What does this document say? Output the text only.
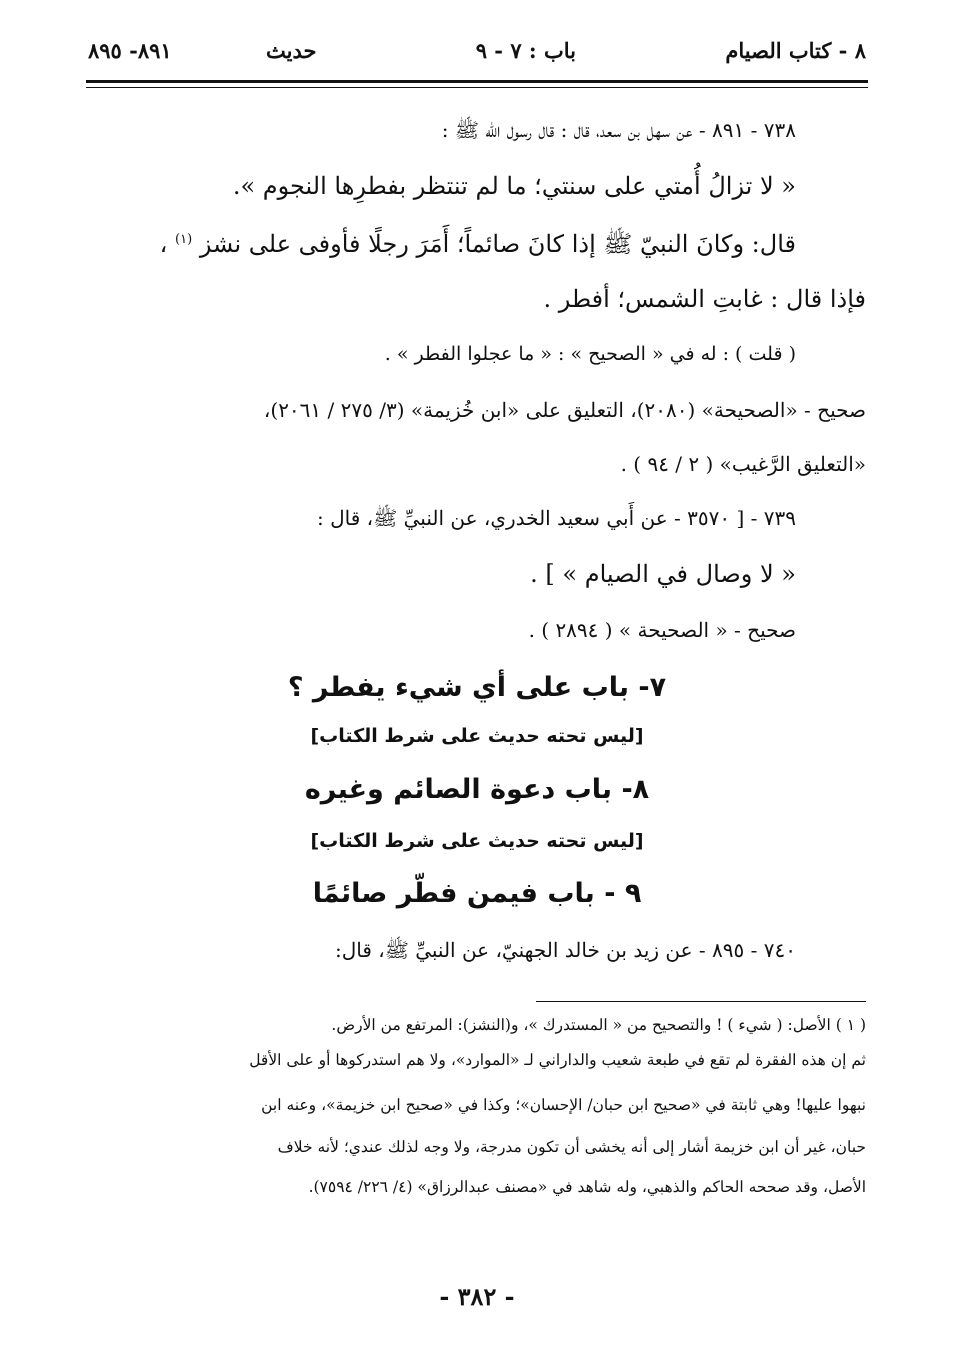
٨ - كتاب الصيام
باب : ٧ - ٩
حديث
٨٩١- ٨٩٥
٧٣٨ - ٨٩١ - عن سهل بن سعد، قال : قال رسول الله ﷺ :
« لا تزالُ أُمتي على سنتي؛ ما لم تنتظر بفطرِها النجوم ».
قال: وكانَ النبيّ ﷺ إذا كانَ صائماً؛ أَمَرَ رجلًا فأوفى على نشز $^{(١)}$ ،
فإذا قال : غابتِ الشمس؛ أفطر .
( قلت ) : له في « الصحيح » : « ما عجلوا الفطر » .
صحيح - «الصحيحة» (٢٠٨٠)، التعليق على «ابن خُزيمة» (٣/ ٢٧٥ / ٢٠٦١)،
«التعليق الرَّغيب» ( ٢ / ٩٤ ) .
٧٣٩ - [ ٣٥٧٠ - عن أَبي سعيد الخدري، عن النبيِّ ﷺ، قال :
« لا وصال في الصيام » ] .
صحيح - « الصحيحة » ( ٢٨٩٤ ) .
٧- باب على أي شيء يفطر ؟
[ليس تحته حديث على شرط الكتاب]
٨- باب دعوة الصائم وغيره
[ليس تحته حديث على شرط الكتاب]
٩ - باب فيمن فطّر صائمًا
٧٤٠ - ٨٩٥ - عن زيد بن خالد الجهنيّ، عن النبيِّ ﷺ، قال:
( ١ ) الأصل: ( شيء ) ! والتصحيح من « المستدرك »، و(النشز): المرتفع من الأرض.
ثم إن هذه الفقرة لم تقع في طبعة شعيب والداراني لـ «الموارد»، ولا هم استدركوها أو على الأقل
نبهوا عليها! وهي ثابتة في «صحيح ابن حبان/ الإحسان»؛ وكذا في «صحيح ابن خزيمة»، وعنه ابن
حبان، غير أن ابن خزيمة أشار إلى أنه يخشى أن تكون مدرجة، ولا وجه لذلك عندي؛ لأنه خلاف
الأصل، وقد صححه الحاكم والذهبي، وله شاهد في «مصنف عبدالرزاق» (٤/ ٢٢٦/ ٧٥٩٤).
- ٣٨٢ -
